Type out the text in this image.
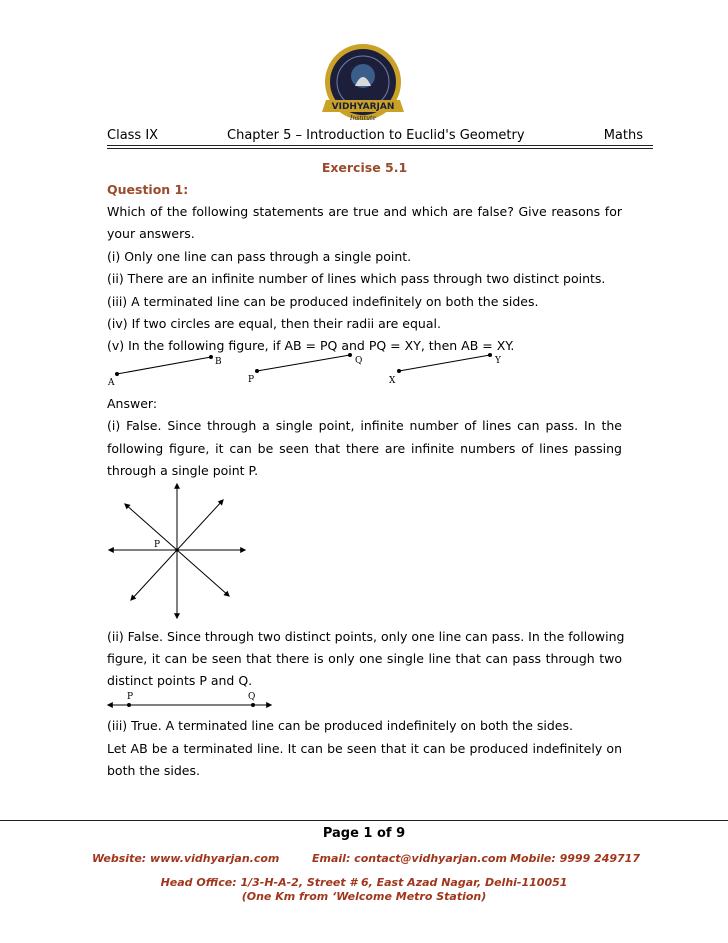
VIDHYARJAN
Institute
Class IX	Chapter 5 – Introduction to Euclid's Geometry	Maths
Exercise 5.1
Question 1:
Which of the following statements are true and which are false? Give reasons for
your answers.
(i) Only one line can pass through a single point.
(ii) There are an infinite number of lines which pass through two distinct points.
(iii) A terminated line can be produced indefinitely on both the sides.
(iv) If two circles are equal, then their radii are equal.
(v) In the following figure, if AB = PQ and PQ = XY, then AB = XY.
A
B
P
Q
X
Y
Answer:
(i) False. Since through a single point, infinite number of lines can pass. In the
following figure, it can be seen that there are infinite numbers of lines passing
through a single point P.
P
(ii) False. Since through two distinct points, only one line can pass. In the following
figure, it can be seen that there is only one single line that can pass through two
distinct points P and Q.
P	Q
(iii) True. A terminated line can be produced indefinitely on both the sides.
Let AB be a terminated line. It can be seen that it can be produced indefinitely on
both the sides.
Page 1 of 9
Website: www.vidhyarjan.com	Email: contact@vidhyarjan.com Mobile: 9999 249717
Head Office: 1/3-H-A-2, Street # 6, East Azad Nagar, Delhi-110051
(One Km from ‘Welcome Metro Station)
